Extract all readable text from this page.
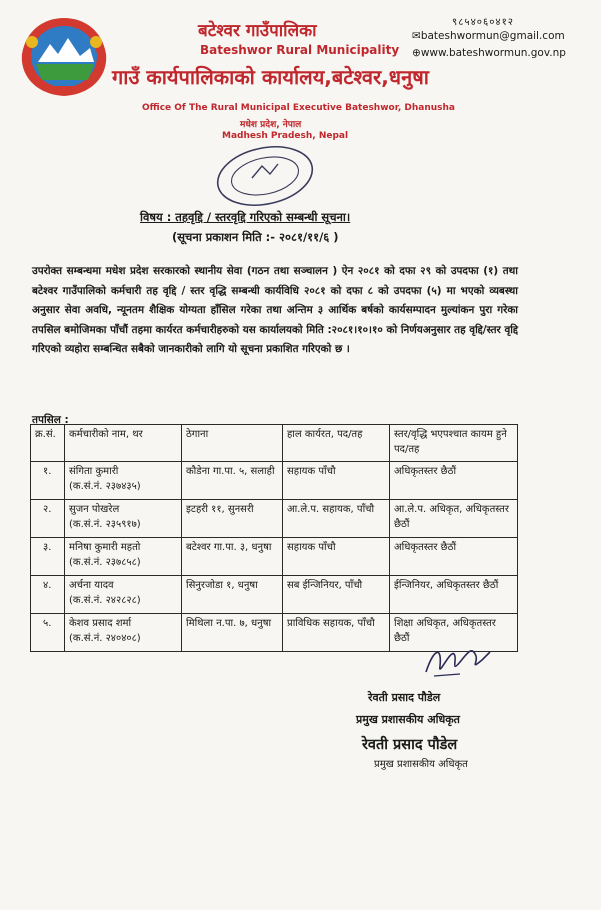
९८५४०६०४१२
✉bateshwormun@gmail.com
⊕www.bateshwormun.gov.np
बटेश्वर गाउँपालिका
Bateshwor Rural Municipality
गाउँ कार्यपालिकाको कार्यालय,बटेश्वर,धनुषा
Office Of The Rural Municipal Executive Bateshwor, Dhanusha
मधेश प्रदेश, नेपाल
Madhesh Pradesh, Nepal
विषय : तहवृद्दि / स्तरवृद्दि गरिएको सम्बन्धी सूचना।
(सूचना प्रकाशन मिति :- २०८१/११/६ )
उपरोक्त सम्बन्धमा मधेश प्रदेश सरकारको स्थानीय सेवा (गठन तथा सञ्चालन ) ऐन २०८१ को दफा २९ को उपदफा (१) तथा बटेश्वर गाउँपालिको कर्मचारी तह वृद्दि / स्तर वृद्धि सम्बन्धी कार्यविधि २०८१ को दफा ८ को उपदफा (५) मा भएको व्यबस्था अनुसार सेवा अवधि, न्यूनतम शैक्षिक योग्यता हाँसिल गरेका तथा अन्तिम ३ आर्थिक बर्षको कार्यसम्पादन मुल्यांकन पुरा गरेका तपसिल बमोजिमका पाँचौं तहमा कार्यरत कर्मचारीहरुको यस कार्यालयको मिति :२०८१।१०।१० को निर्णयअनुसार तह वृद्दि/स्तर वृद्दि गरिएको व्यहोरा सम्बन्धित सबैको जानकारीको लागि यो सूचना प्रकाशित गरिएको छ ।
तपसिल :
क्र.सं.	कर्मचारीको नाम, थर	ठेगाना	हाल कार्यरत, पद/तह	स्तर/वृद्धि भएपश्चात कायम हुने पद/तह
१.	संगिता कुमारी
(क.सं.नं. २३७४३५)	कौडेना गा.पा. ५, सलाही	सहायक पाँचौ	अधिकृतस्तर छैठौं
२.	सुजन पोखरेल
(क.सं.नं. २३५९१७)	इटहरी ११, सुनसरी	आ.ले.प. सहायक, पाँचौ	आ.ले.प. अधिकृत, अधिकृतस्तर छैठौं
३.	मनिषा कुमारी महतो
(क.सं.नं. २३७८५८)	बटेश्वर गा.पा. ३, धनुषा	सहायक पाँचौ	अधिकृतस्तर छैठौं
४.	अर्चना यादव
(क.सं.नं. २४२८२८)	सिनुरजोडा १, धनुषा	सब ईन्जिनियर, पाँचौ	ईन्जिनियर, अधिकृतस्तर छैठौं
५.	केशव प्रसाद शर्मा
(क.सं.नं. २४०४०८)	मिथिला न.पा. ७, धनुषा	प्राविधिक सहायक, पाँचौ	शिक्षा अधिकृत, अधिकृतस्तर छैठौं
रेवती प्रसाद पौडेल
प्रमुख प्रशासकीय अधिकृत
रेवती प्रसाद पौडेल
प्रमुख प्रशासकीय अधिकृत
